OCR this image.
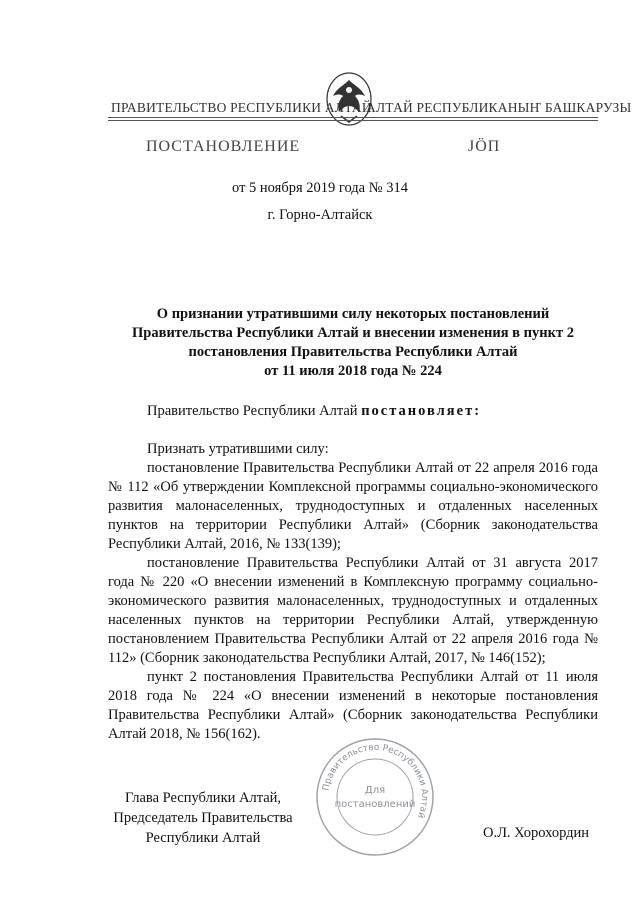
ПРАВИТЕЛЬСТВО РЕСПУБЛИКИ АЛТАЙ
АЛТАЙ РЕСПУБЛИКАНЫҤ БАШКАРУЗЫ
ПОСТАНОВЛЕНИЕ	ЈӦП
от 5 ноября 2019 года № 314
г. Горно-Алтайск
О признании утратившими силу некоторых постановлений
Правительства Республики Алтай и внесении изменения в пункт 2
постановления Правительства Республики Алтай
от 11 июля 2018 года № 224
Правительство Республики Алтай постановляет:

Признать утратившими силу:

постановление Правительства Республики Алтай от 22 апреля 2016 года № 112 «Об утверждении Комплексной программы социально-экономического развития малонаселенных, труднодоступных и отдаленных населенных пунктов на территории Республики Алтай» (Сборник законодательства Республики Алтай, 2016, № 133(139);

постановление Правительства Республики Алтай от 31 августа 2017 года № 220 «О внесении изменений в Комплексную программу социально-экономического развития малонаселенных, труднодоступных и отдаленных населенных пунктов на территории Республики Алтай, утвержденную постановлением Правительства Республики Алтай от 22 апреля 2016 года № 112» (Сборник законодательства Республики Алтай, 2017, № 146(152);

пункт 2 постановления Правительства Республики Алтай от 11 июля 2018 года № 224 «О внесении изменений в некоторые постановления Правительства Республики Алтай» (Сборник законодательства Республики Алтай 2018, № 156(162).

Глава Республики Алтай,
Председатель Правительства
Республики Алтай
Правительство Республики Алтай
Для
постановлений
О.Л. Хорохордин
